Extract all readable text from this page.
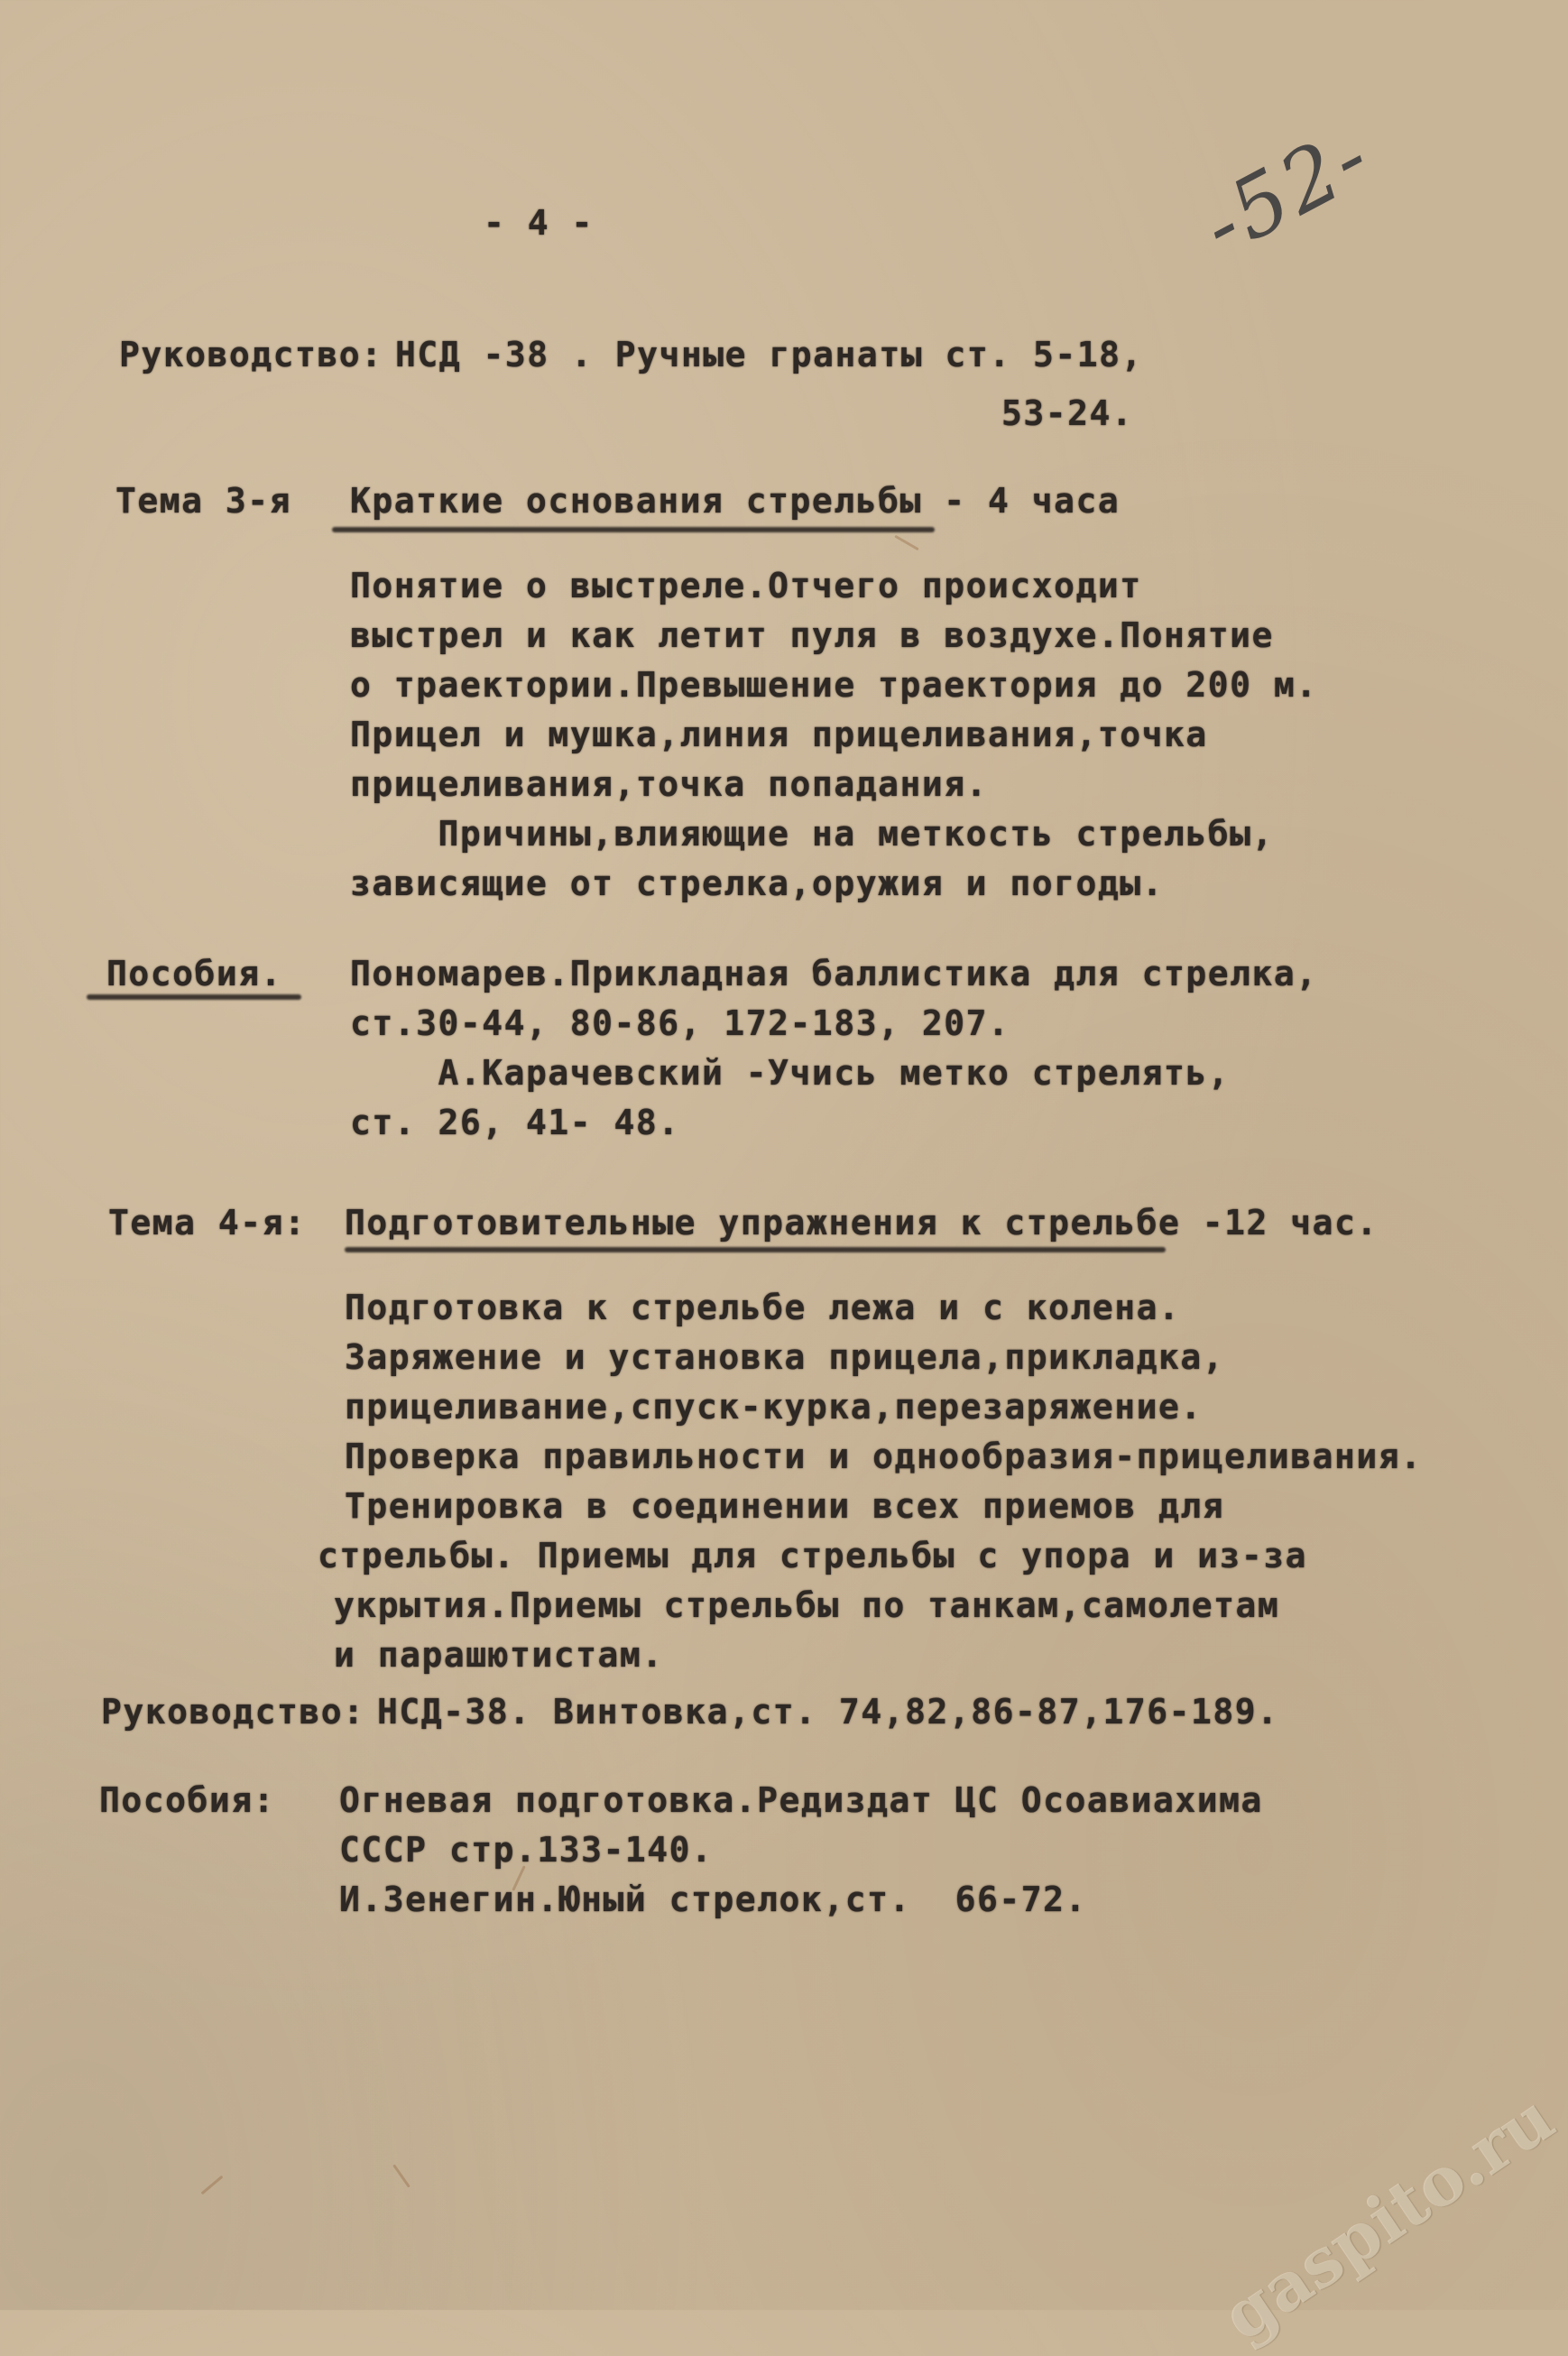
-52-
- 4 -
Руководство: НСД -38 . Ручные гранаты ст. 5-18,
53-24.
Тема 3-я Краткие основания стрельбы - 4 часа
Понятие о выстреле.Отчего происходит
выстрел и как летит пуля в воздухе.Понятие
о траектории.Превышение траектория до 200 м.
Прицел и мушка,линия прицеливания,точка
прицеливания,точка попадания.
Причины,влияющие на меткость стрельбы,
зависящие от стрелка,оружия и погоды.
Пособия. Пономарев.Прикладная баллистика для стрелка,
ст.30-44, 80-86, 172-183, 207.
А.Карачевский -Учись метко стрелять,
ст. 26, 41- 48.
Тема 4-я: Подготовительные упражнения к стрельбе -12 час.
Подготовка к стрельбе лежа и с колена.
Заряжение и установка прицела,прикладка,
прицеливание,спуск-курка,перезаряжение.
Проверка правильности и однообразия-прицеливания.
Тренировка в соединении всех приемов для
стрельбы. Приемы для стрельбы с упора и из-за
укрытия.Приемы стрельбы по танкам,самолетам
и парашютистам.
Руководство: НСД-38. Винтовка,ст. 74,82,86-87,176-189.
Пособия: Огневая подготовка.Редиздат ЦС Осоавиахима
СССР стр.133-140.
И.Зенегин.Юный стрелок,ст.  66-72.
gaspito.ru
